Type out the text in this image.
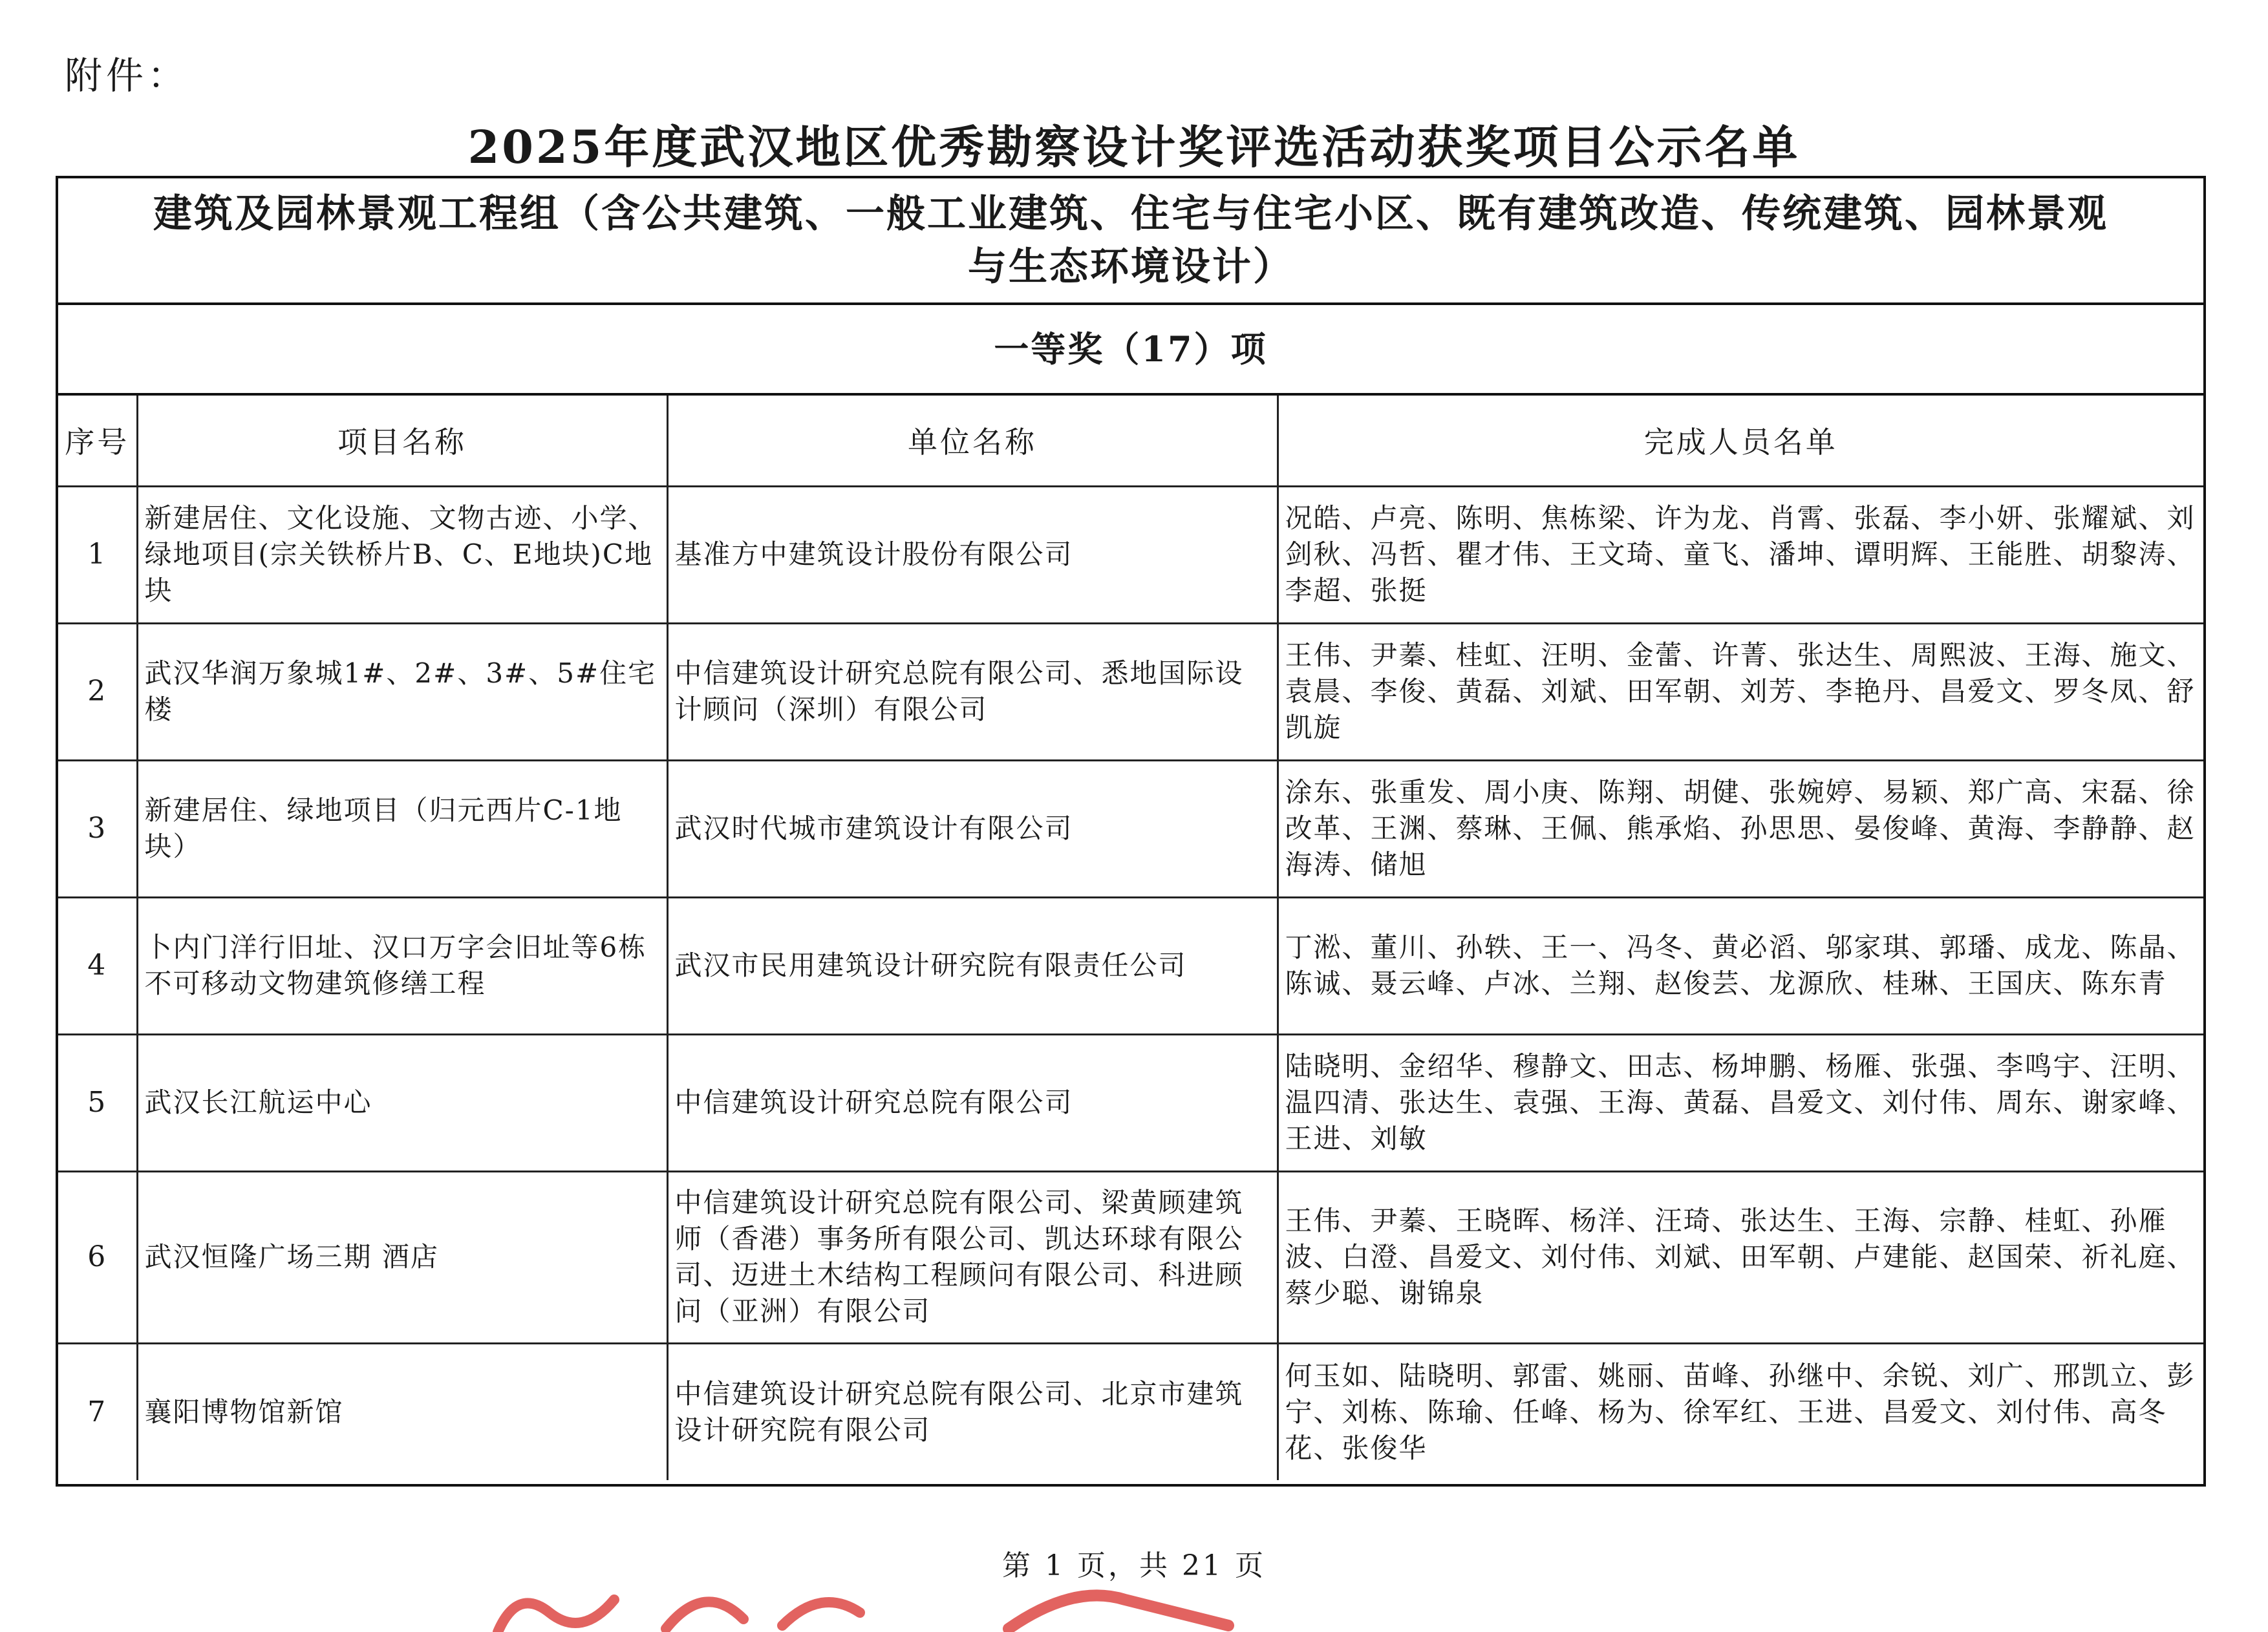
附件：
2025年度武汉地区优秀勘察设计奖评选活动获奖项目公示名单
建筑及园林景观工程组（含公共建筑、一般工业建筑、住宅与住宅小区、既有建筑改造、传统建筑、园林景观
与生态环境设计）
一等奖（17）项
序号	项目名称	单位名称	完成人员名单
1	新建居住、文化设施、文物古迹、小学、绿地项目(宗关铁桥片B、C、E地块)C地块	基准方中建筑设计股份有限公司	况皓、卢亮、陈明、焦栋梁、许为龙、肖霄、张磊、李小妍、张耀斌、刘剑秋、冯哲、瞿才伟、王文琦、童飞、潘坤、谭明辉、王能胜、胡黎涛、李超、张挺
2	武汉华润万象城1#、2#、3#、5#住宅楼	中信建筑设计研究总院有限公司、悉地国际设计顾问（深圳）有限公司	王伟、尹蓁、桂虹、汪明、金蕾、许菁、张达生、周熙波、王海、施文、袁晨、李俊、黄磊、刘斌、田军朝、刘芳、李艳丹、昌爱文、罗冬凤、舒凯旋
3	新建居住、绿地项目（归元西片C-1地块）	武汉时代城市建筑设计有限公司	涂东、张重发、周小庚、陈翔、胡健、张婉婷、易颖、郑广高、宋磊、徐改革、王渊、蔡琳、王佩、熊承焰、孙思思、晏俊峰、黄海、李静静、赵海涛、储旭
4	卜内门洋行旧址、汉口万字会旧址等6栋不可移动文物建筑修缮工程	武汉市民用建筑设计研究院有限责任公司	丁淞、董川、孙轶、王一、冯冬、黄必滔、邬家琪、郭璠、成龙、陈晶、陈诚、聂云峰、卢冰、兰翔、赵俊芸、龙源欣、桂琳、王国庆、陈东青
5	武汉长江航运中心	中信建筑设计研究总院有限公司	陆晓明、金绍华、穆静文、田志、杨坤鹏、杨雁、张强、李鸣宇、汪明、温四清、张达生、袁强、王海、黄磊、昌爱文、刘付伟、周东、谢家峰、王进、刘敏
6	武汉恒隆广场三期 酒店	中信建筑设计研究总院有限公司、梁黄顾建筑师（香港）事务所有限公司、凯达环球有限公司、迈进土木结构工程顾问有限公司、科进顾问（亚洲）有限公司	王伟、尹蓁、王晓晖、杨洋、汪琦、张达生、王海、宗静、桂虹、孙雁波、白澄、昌爱文、刘付伟、刘斌、田军朝、卢建能、赵国荣、祈礼庭、蔡少聪、谢锦泉
7	襄阳博物馆新馆	中信建筑设计研究总院有限公司、北京市建筑设计研究院有限公司	何玉如、陆晓明、郭雷、姚丽、苗峰、孙继中、余锐、刘广、邢凯立、彭宁、刘栋、陈瑜、任峰、杨为、徐军红、王进、昌爱文、刘付伟、高冬花、张俊华
第 1 页，共 21 页
